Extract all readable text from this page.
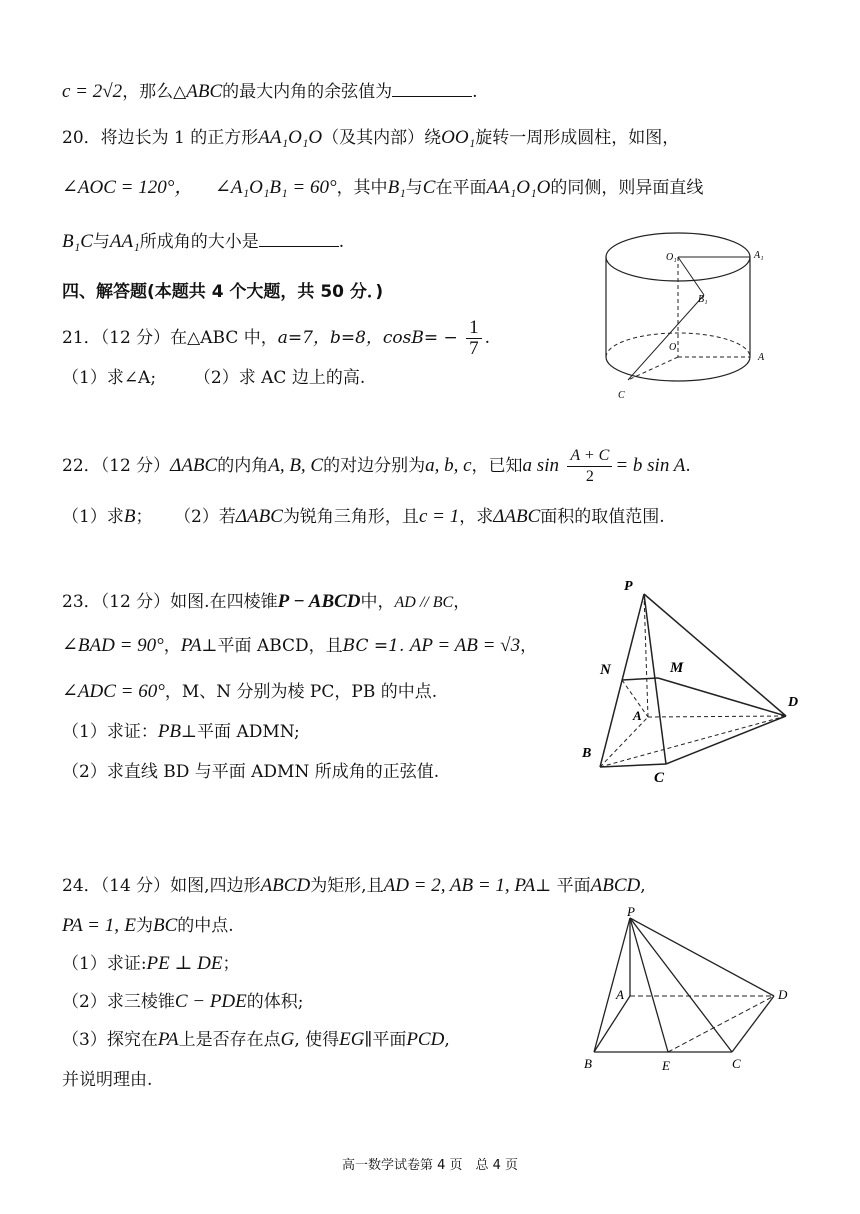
c = 2√2，那么△ABC的最大内角的余弦值为	.
20．将边长为 1 的正方形AA₁O₁O（及其内部）绕OO₁旋转一周形成圆柱，如图，
∠AOC = 120°， ∠A₁O₁B₁ = 60°，其中B₁与C在平面AA₁O₁O的同侧，则异面直线
B₁C与AA₁所成角的大小是	.
O₁	A₁
B₁
O
A
C
四、解答题(本题共 4 个大题，共 50 分．)
21．（12 分）在△ABC 中，a=7，b=8，$\cos B= - \frac{1}{7}$ .
（1）求∠A; （2）求 AC 边上的高.
22．（12 分）ΔABC的内角A, B, C的对边分别为a, b, c，已知a $\sin \frac{A + C}{2} = b$ sin A.
（1）求B； （2）若ΔABC为锐角三角形，且c = 1，求ΔABC面积的取值范围.
23．（12 分）如图.在四棱锥P − ABCD中，AD // BC，
∠BAD = 90°，PA⊥平面 ABCD，且BC =1. AP = AB = √3，
∠ADC = 60°，M、N 分别为棱 PC，PB 的中点.
（1）求证：PB⊥平面 ADMN;
（2）求直线 BD 与平面 ADMN 所成角的正弦值.
P
N	M
A
D
B
C
24．（14 分）如图,四边形ABCD为矩形,且AD = 2, AB = 1, PA⊥ 平面ABCD,
PA = 1, E为BC的中点.
（1）求证:PE ⊥ DE；
（2）求三棱锥C − PDE的体积;
（3）探究在PA上是否存在点G, 使得EG∥平面PCD,
并说明理由.
P
A	D
B	E	C
高一数学试卷第 4 页　总 4 页
